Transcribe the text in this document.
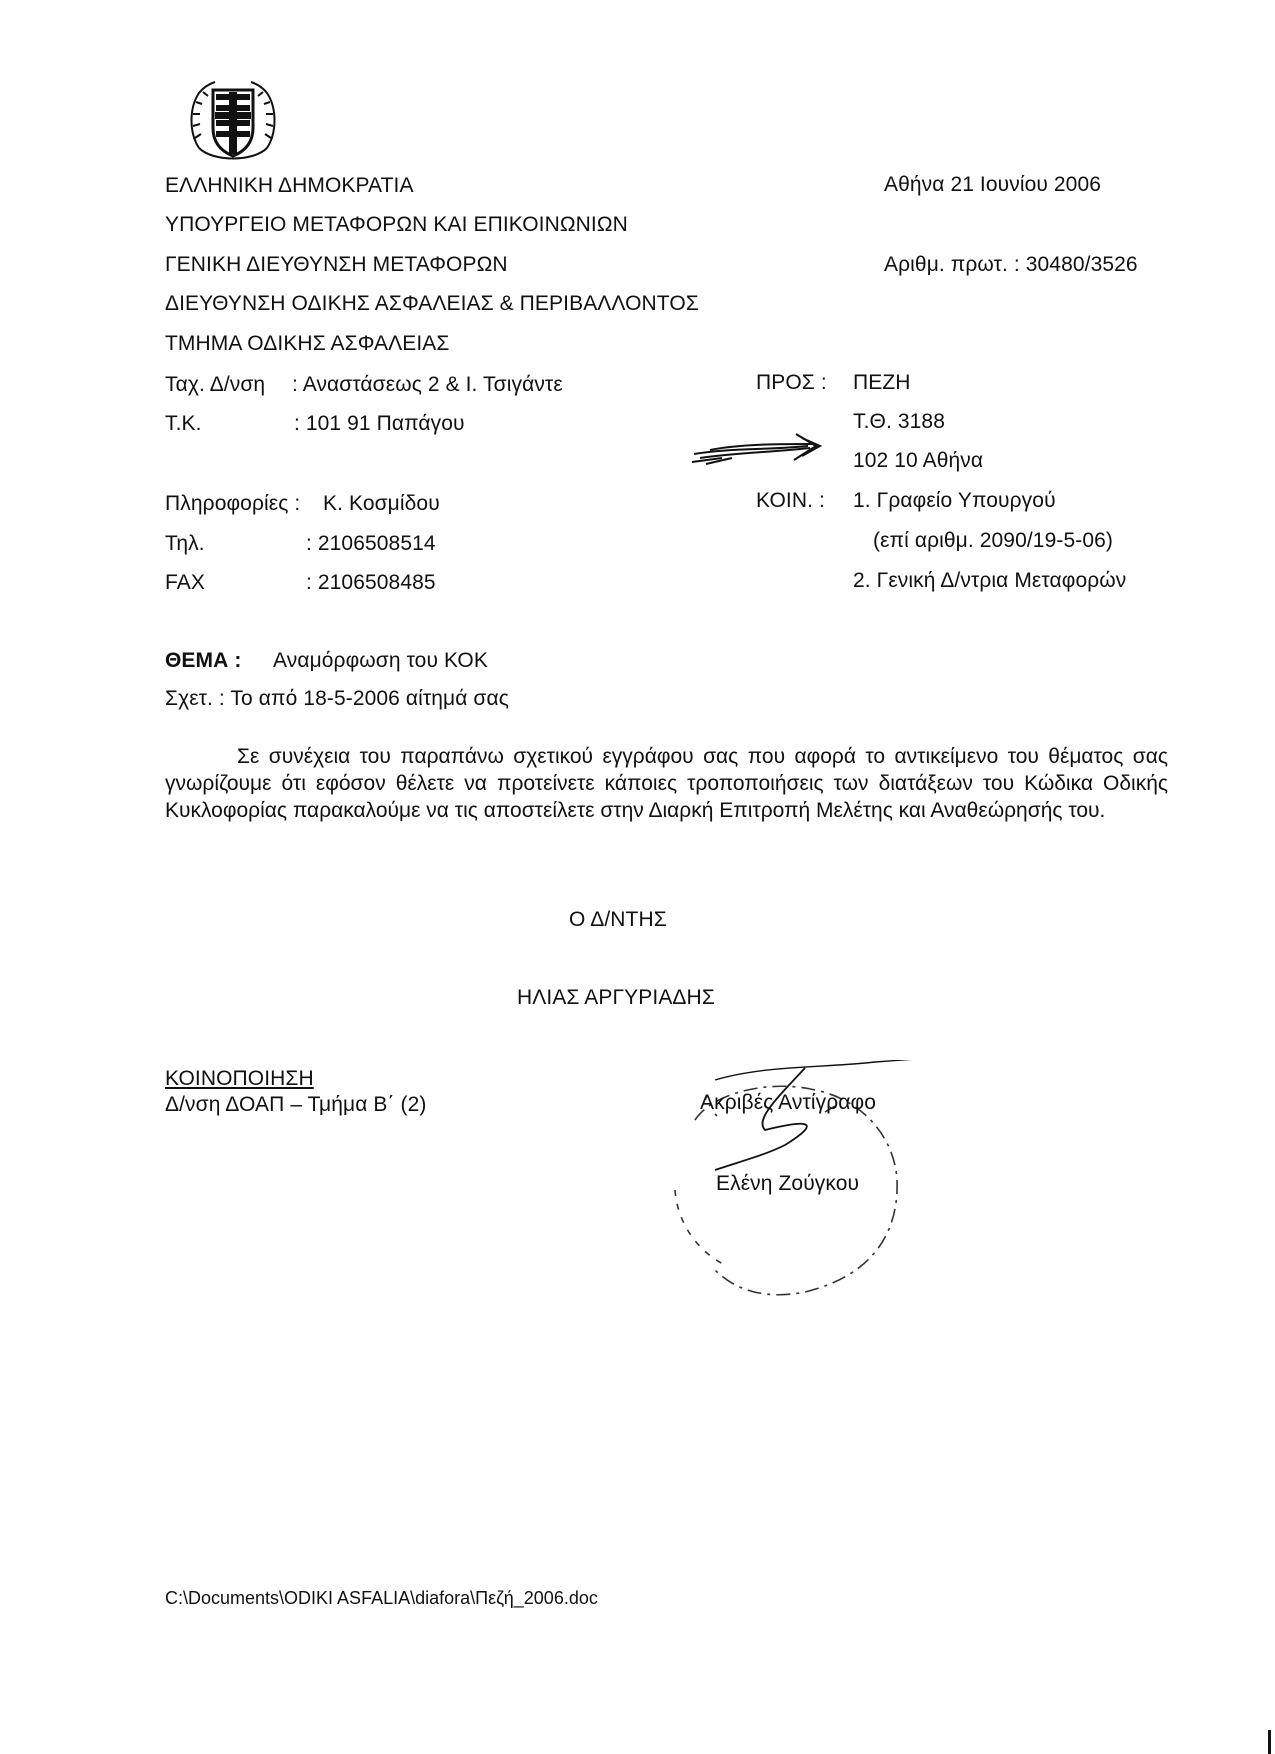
ΕΛΛΗΝΙΚΗ ΔΗΜΟΚΡΑΤΙΑ
ΥΠΟΥΡΓΕΙΟ ΜΕΤΑΦΟΡΩΝ ΚΑΙ ΕΠΙΚΟΙΝΩΝΙΩΝ
ΓΕΝΙΚΗ ΔΙΕΥΘΥΝΣΗ ΜΕΤΑΦΟΡΩΝ
ΔΙΕΥΘΥΝΣΗ ΟΔΙΚΗΣ ΑΣΦΑΛΕΙΑΣ & ΠΕΡΙΒΑΛΛΟΝΤΟΣ
ΤΜΗΜΑ ΟΔΙΚΗΣ ΑΣΦΑΛΕΙΑΣ
Αθήνα 21 Ιουνίου 2006
Αριθμ. πρωτ. : 30480/3526
Ταχ. Δ/νση : Αναστάσεως 2 & Ι. Τσιγάντε
Τ.Κ.	: 101 91 Παπάγου
Πληροφορίες : Κ. Κοσμίδου
Τηλ.	: 2106508514
FAX	: 2106508485
ΠΡΟΣ : ΠΕΖΗ
Τ.Θ. 3188
102 10 Αθήνα
ΚΟΙΝ. : 1. Γραφείο Υπουργού
(επί αριθμ. 2090/19-5-06)
2. Γενική Δ/ντρια Μεταφορών
ΘΕΜΑ : Αναμόρφωση του ΚΟΚ
Σχετ. : Το από 18-5-2006 αίτημά σας
Σε συνέχεια του παραπάνω σχετικού εγγράφου σας που αφορά το αντικείμενο του θέματος σας γνωρίζουμε ότι εφόσον θέλετε να προτείνετε κάποιες τροποποιήσεις των διατάξεων του Κώδικα Οδικής Κυκλοφορίας παρακαλούμε να τις αποστείλετε στην Διαρκή Επιτροπή Μελέτης και Αναθεώρησής του.
Ο Δ/ΝΤΗΣ
ΗΛΙΑΣ ΑΡΓΥΡΙΑΔΗΣ
ΚΟΙΝΟΠΟΙΗΣΗ
Δ/νση ΔΟΑΠ – Τμήμα Β΄ (2)	Ακριβές Αντίγραφο
Ελένη Ζούγκου
C:\Documents\ODIKI ASFALIA\diafora\Πεζή_2006.doc
